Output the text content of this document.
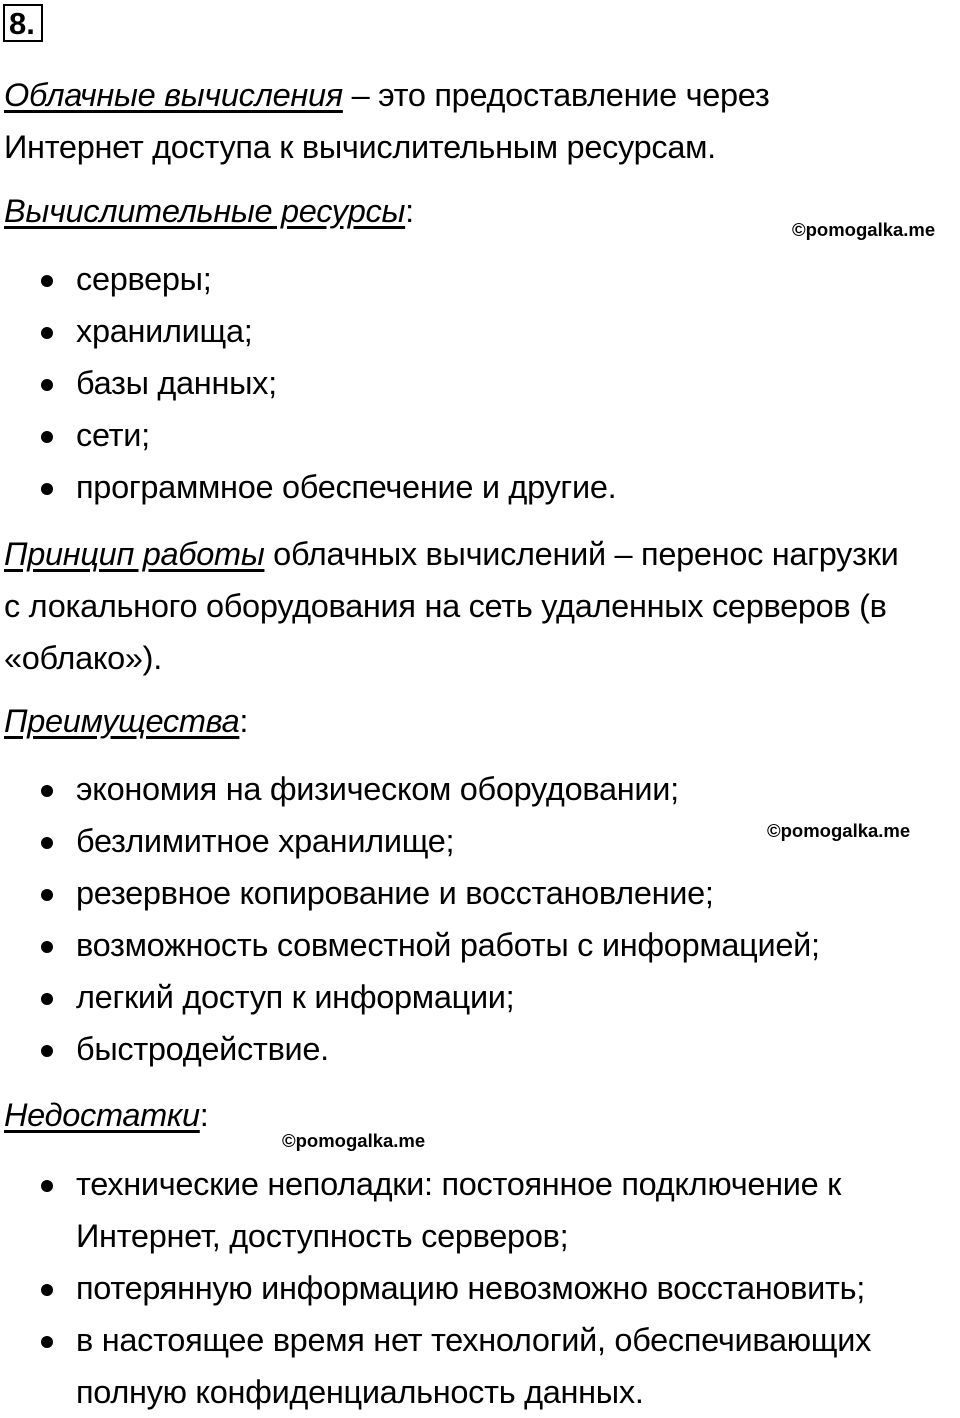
8.

Облачные вычисления – это предоставление через
Интернет доступа к вычислительным ресурсам.

Вычислительные ресурсы:

©pomogalka.me
серверы;
хранилища;
базы данных;
сети;
программное обеспечение и другие.

Принцип работы облачных вычислений – перенос нагрузки
с локального оборудования на сеть удаленных серверов (в
«облако»).

Преимущества:

экономия на физическом оборудовании;
безлимитное хранилище;
резервное копирование и восстановление;
возможность совместной работы с информацией;
легкий доступ к информации;
быстродействие.
©pomogalka.me

Недостатки:

©pomogalka.me
технические неполадки: постоянное подключение к
Интернет, доступность серверов;
потерянную информацию невозможно восстановить;
в настоящее время нет технологий, обеспечивающих
полную конфиденциальность данных.
